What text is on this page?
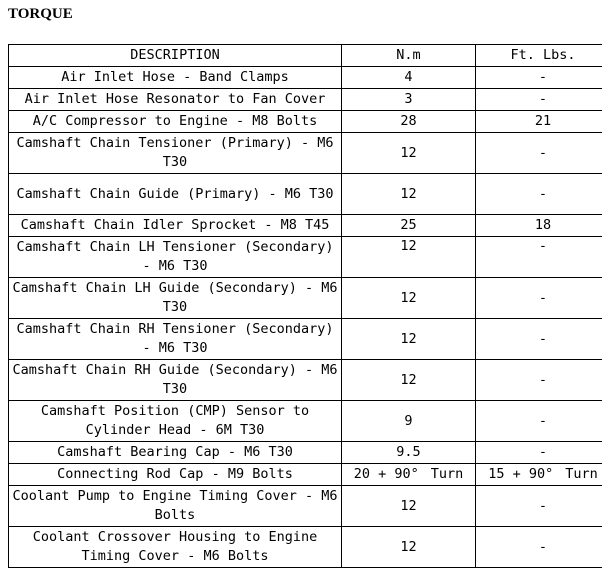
TORQUE
DESCRIPTION	N.m	Ft. Lbs.
Air Inlet Hose - Band Clamps	4	-
Air Inlet Hose Resonator to Fan Cover	3	-
A/C Compressor to Engine - M8 Bolts	28	21
Camshaft Chain Tensioner (Primary) - M6 T30	12	-
Camshaft Chain Guide (Primary) - M6 T30	12	-
Camshaft Chain Idler Sprocket - M8 T45	25	18
Camshaft Chain LH Tensioner (Secondary) - M6 T30	12	-
Camshaft Chain LH Guide (Secondary) - M6 T30	12	-
Camshaft Chain RH Tensioner (Secondary) - M6 T30	12	-
Camshaft Chain RH Guide (Secondary) - M6 T30	12	-
Camshaft Position (CMP) Sensor to Cylinder Head - 6M T30	9	-
Camshaft Bearing Cap - M6 T30	9.5	-
Connecting Rod Cap - M9 Bolts	20 + 90° Turn	15 + 90° Turn
Coolant Pump to Engine Timing Cover - M6 Bolts	12	-
Coolant Crossover Housing to Engine Timing Cover - M6 Bolts	12	-
